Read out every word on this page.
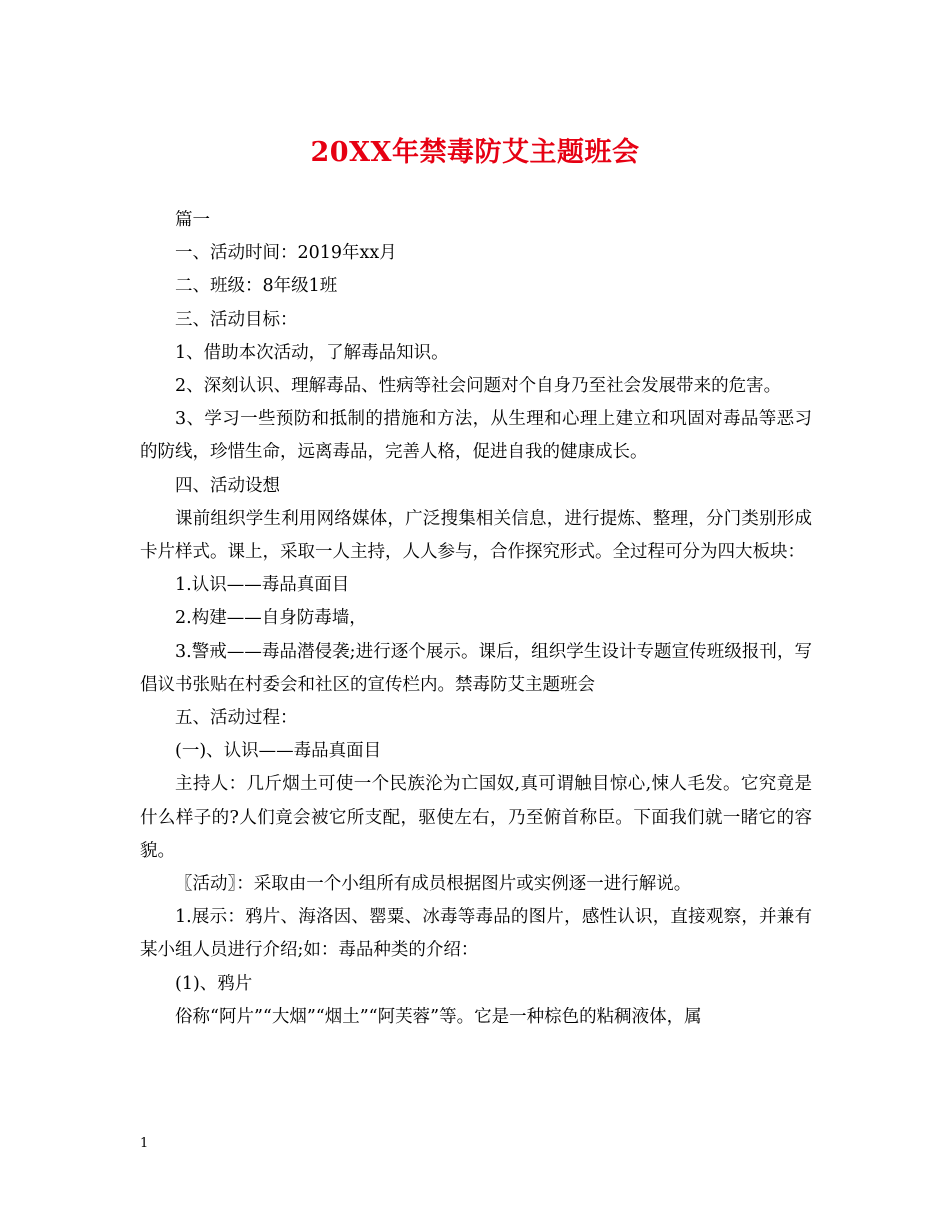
20XX年禁毒防艾主题班会

篇一

一、活动时间：2019年xx月

二、班级：8年级1班

三、活动目标：

1、借助本次活动，了解毒品知识。

2、深刻认识、理解毒品、性病等社会问题对个自身乃至社会发展带来的危害。

3、学习一些预防和抵制的措施和方法，从生理和心理上建立和巩固对毒品等恶习的防线，珍惜生命，远离毒品，完善人格，促进自我的健康成长。

四、活动设想

课前组织学生利用网络媒体，广泛搜集相关信息，进行提炼、整理，分门类别形成卡片样式。课上，采取一人主持，人人参与，合作探究形式。全过程可分为四大板块：

1.认识——毒品真面目

2.构建——自身防毒墙，

3.警戒——毒品潜侵袭;进行逐个展示。课后，组织学生设计专题宣传班级报刊，写倡议书张贴在村委会和社区的宣传栏内。禁毒防艾主题班会

五、活动过程：

(一)、认识——毒品真面目

主持人：几斤烟土可使一个民族沦为亡国奴,真可谓触目惊心,悚人毛发。它究竟是什么样子的?人们竟会被它所支配，驱使左右，乃至俯首称臣。下面我们就一睹它的容貌。

〖活动〗：采取由一个小组所有成员根据图片或实例逐一进行解说。

1.展示：鸦片、海洛因、罂粟、冰毒等毒品的图片，感性认识，直接观察，并兼有某小组人员进行介绍;如：毒品种类的介绍：

(1)、鸦片

俗称“阿片”“大烟”“烟土”“阿芙蓉”等。它是一种棕色的粘稠液体，属

1
